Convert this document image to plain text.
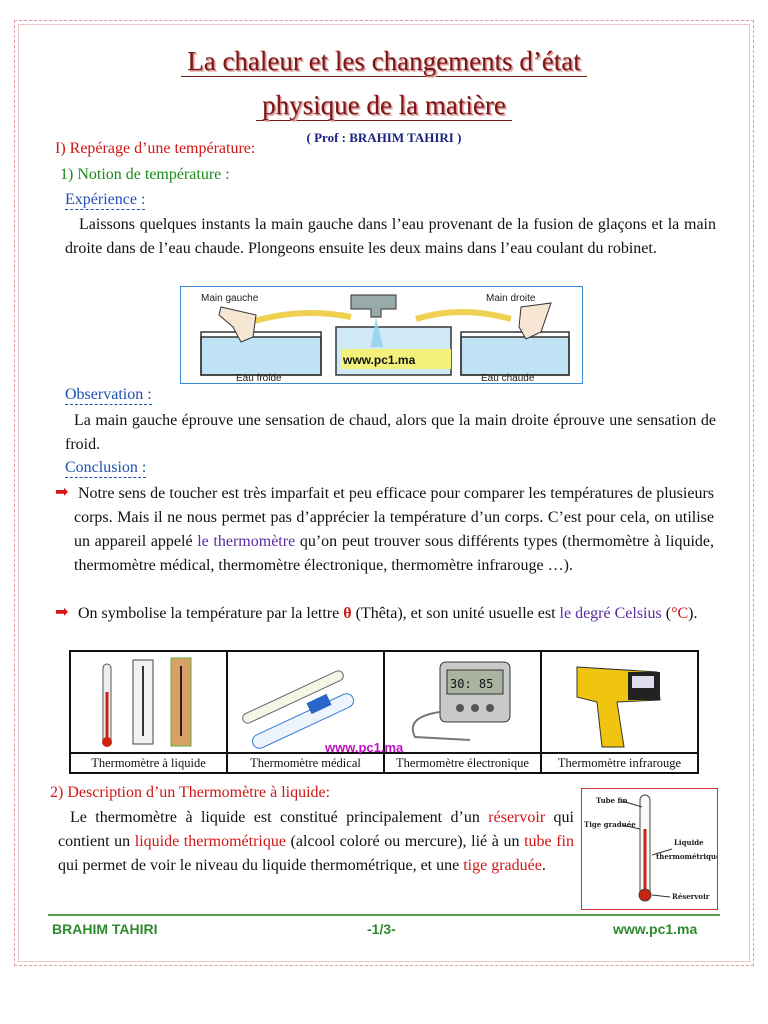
La chaleur et les changements d’état
physique de la matière
( Prof : BRAHIM TAHIRI )
I) Repérage d’une température:
1) Notion de température :
Expérience :
Laissons quelques instants la main gauche dans l’eau provenant de la fusion de glaçons et la main droite dans de l’eau chaude. Plongeons ensuite les deux mains dans l’eau coulant du robinet.
Main gauche	Main droite
Eau froide	Eau chaude
www.pc1.ma
Observation :
La main gauche éprouve une sensation de chaud, alors que la main droite éprouve une sensation de froid.
Conclusion :
➡ Notre sens de toucher est très imparfait et peu efficace pour comparer les températures de plusieurs corps. Mais il ne nous permet pas d’apprécier la température d’un corps. C’est pour cela, on utilise un appareil appelé le thermomètre qu’on peut trouver sous différents types (thermomètre à liquide, thermomètre médical, thermomètre électronique, thermomètre infrarouge …).
➡ On symbolise la température par la lettre θ (Thêta), et son unité usuelle est le degré Celsius (°C).

30: 85

Thermomètre à liquide	Thermomètre médical	Thermomètre électronique	Thermomètre infrarouge
www.pc1.ma
2) Description d’un Thermomètre à liquide:
Le thermomètre à liquide est constitué principalement d’un réservoir qui contient un liquide thermométrique (alcool coloré ou mercure), lié à un tube fin qui permet de voir le niveau du liquide thermométrique, et une tige graduée.
Tube fin
Tige graduée
Liquide
thermométrique
Réservoir
BRAHIM TAHIRI	-1/3-	www.pc1.ma
